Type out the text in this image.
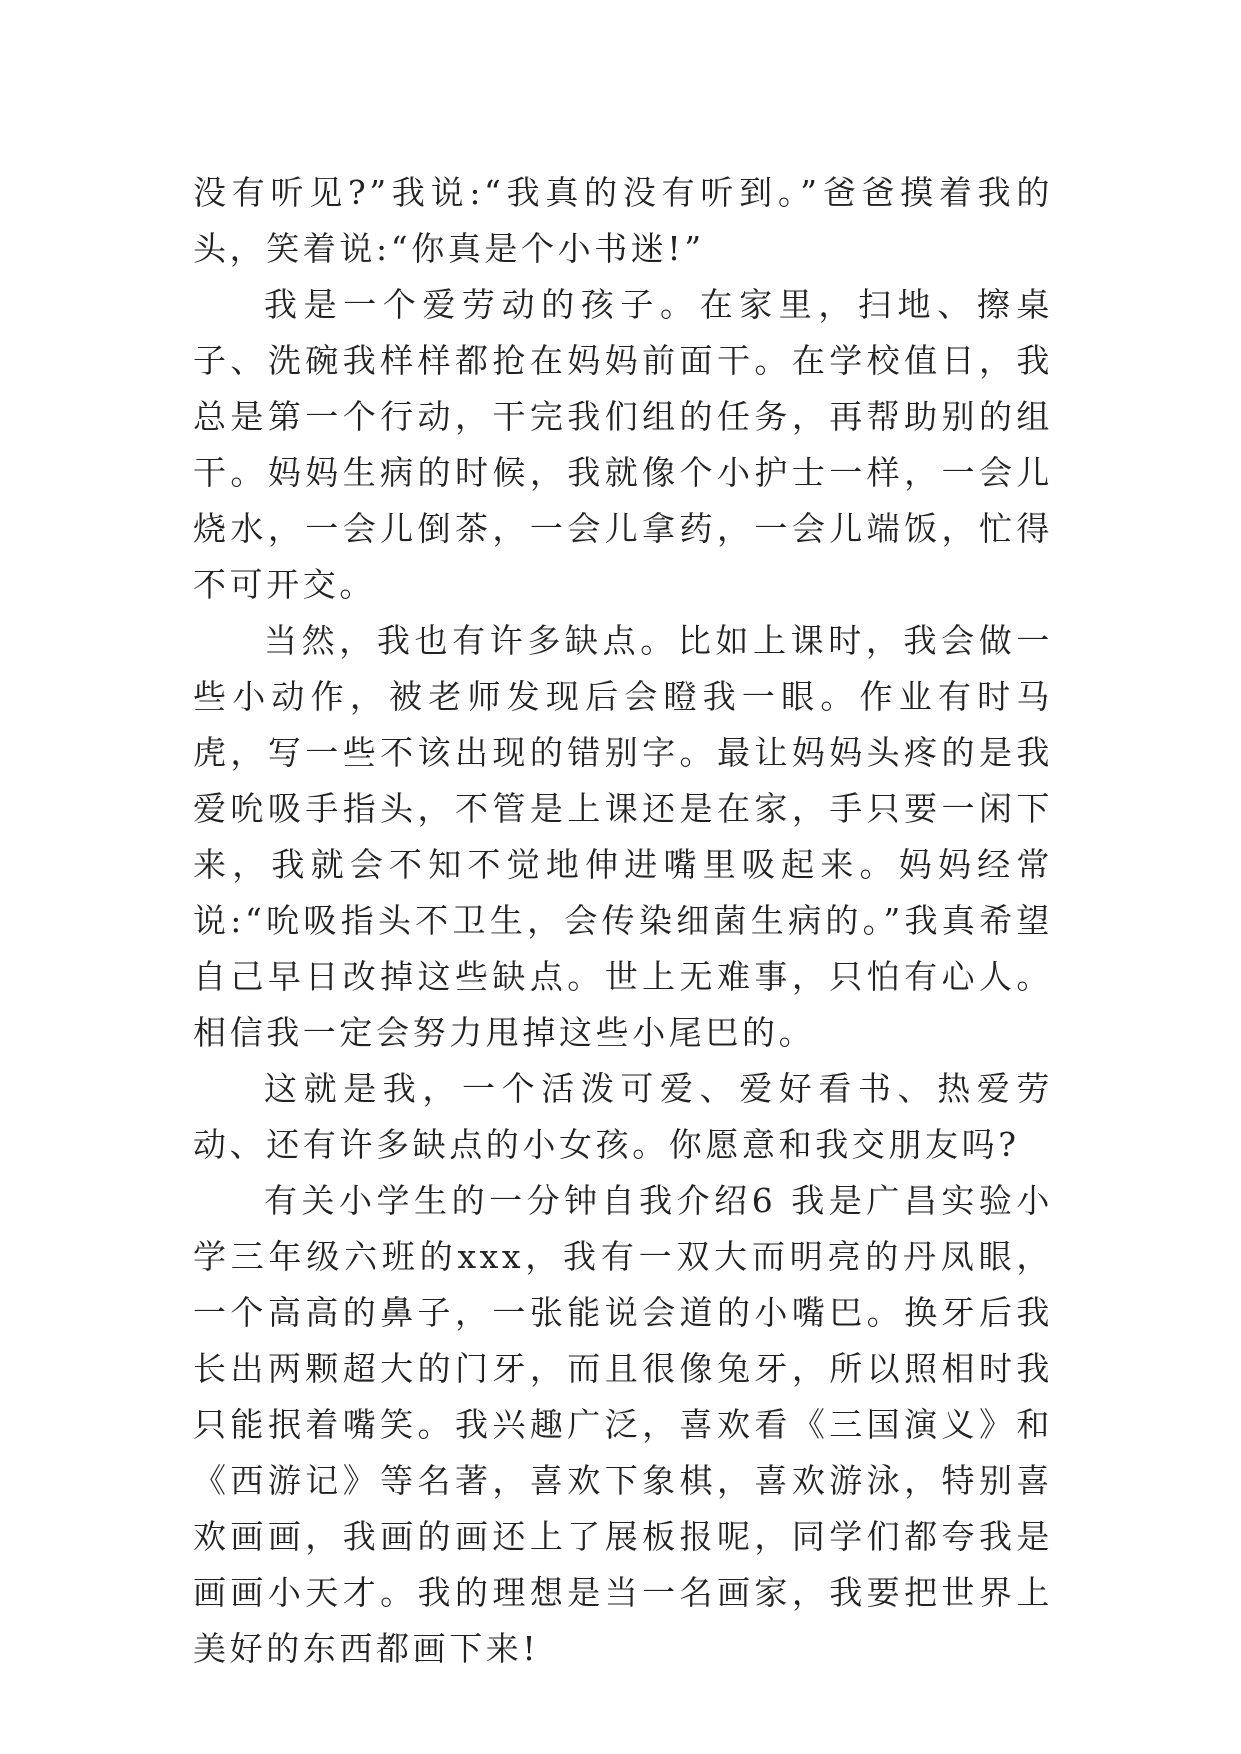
没有听见?”我说:“我真的没有听到。”爸爸摸着我的头，笑着说:“你真是个小书迷!”

我是一个爱劳动的孩子。在家里，扫地、擦桌子、洗碗我样样都抢在妈妈前面干。在学校值日，我总是第一个行动，干完我们组的任务，再帮助别的组干。妈妈生病的时候，我就像个小护士一样，一会儿烧水，一会儿倒茶，一会儿拿药，一会儿端饭，忙得不可开交。

当然，我也有许多缺点。比如上课时，我会做一些小动作，被老师发现后会瞪我一眼。作业有时马虎，写一些不该出现的错别字。最让妈妈头疼的是我爱吮吸手指头，不管是上课还是在家，手只要一闲下来，我就会不知不觉地伸进嘴里吸起来。妈妈经常说:“吮吸指头不卫生，会传染细菌生病的。”我真希望自己早日改掉这些缺点。世上无难事，只怕有心人。相信我一定会努力甩掉这些小尾巴的。

这就是我，一个活泼可爱、爱好看书、热爱劳动、还有许多缺点的小女孩。你愿意和我交朋友吗?

有关小学生的一分钟自我介绍6 我是广昌实验小学三年级六班的xxx，我有一双大而明亮的丹凤眼，一个高高的鼻子，一张能说会道的小嘴巴。换牙后我长出两颗超大的门牙，而且很像兔牙，所以照相时我只能抿着嘴笑。我兴趣广泛，喜欢看《三国演义》和《西游记》等名著，喜欢下象棋，喜欢游泳，特别喜欢画画，我画的画还上了展板报呢，同学们都夸我是画画小天才。我的理想是当一名画家，我要把世界上美好的东西都画下来!
